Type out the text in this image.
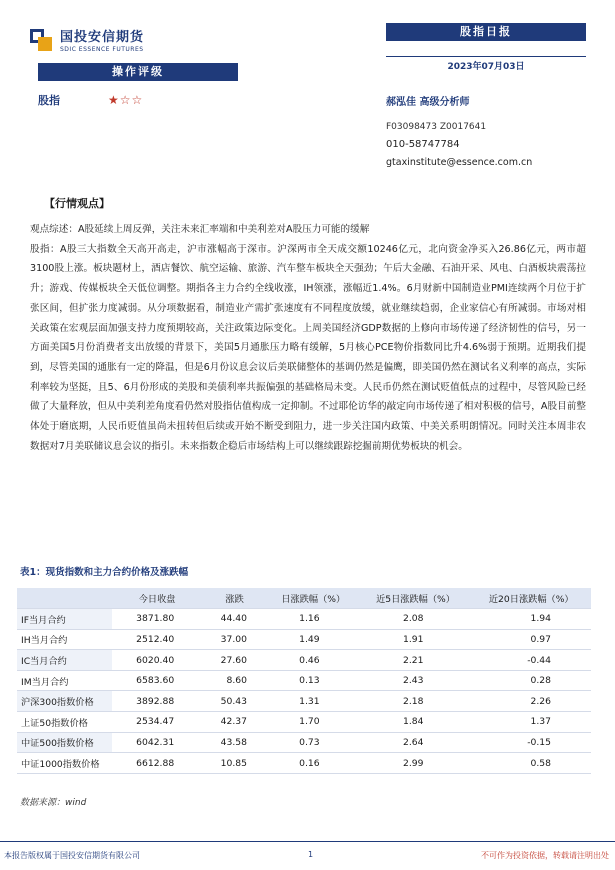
国投安信期货
SDIC ESSENCE FUTURES
股指日报
2023年07月03日
操作评级
股指	★☆☆	郝泓佳 高级分析师
F03098473 Z0017641
010-58747784
gtaxinstitute@essence.com.cn
【行情观点】

观点综述：A股延续上周反弹，关注未来汇率端和中美利差对A股压力可能的缓解

股指：A股三大指数全天高开高走，沪市涨幅高于深市。沪深两市全天成交额10246亿元，北向资金净买入26.86亿元，两市超3100股上涨。板块题材上，酒店餐饮、航空运输、旅游、汽车整车板块全天强劲；午后大金融、石油开采、风电、白酒板块震荡拉升；游戏、传媒板块全天低位调整。期指各主力合约全线收涨，IH领涨，涨幅近1.4%。6月财新中国制造业PMI连续两个月位于扩张区间，但扩张力度减弱。从分项数据看，制造业产需扩张速度有不同程度放缓，就业继续趋弱，企业家信心有所减弱。市场对相关政策在宏观层面加强支持力度预期较高，关注政策边际变化。上周美国经济GDP数据的上修向市场传递了经济韧性的信号，另一方面美国5月份消费者支出放缓的背景下，美国5月通胀压力略有缓解，5月核心PCE物价指数同比升4.6%弱于预期。近期我们提到，尽管美国的通胀有一定的降温，但是6月份议息会议后美联储整体的基调仍然是偏鹰，即美国仍然在测试名义利率的高点，实际利率较为坚挺，且5、6月份形成的美股和美债利率共振偏强的基础格局未变。人民币仍然在测试贬值低点的过程中，尽管风险已经做了大量释放，但从中美利差角度看仍然对股指估值构成一定抑制。不过耶伦访华的敲定向市场传递了相对积极的信号，A股目前整体处于磨底期，人民币贬值虽尚未扭转但后续或开始不断受到阻力，进一步关注国内政策、中美关系明朗情况。同时关注本周非农数据对7月美联储议息会议的指引。未来指数企稳后市场结构上可以继续跟踪挖掘前期优势板块的机会。

表1：现货指数和主力合约价格及涨跌幅
	今日收盘	涨跌	日涨跌幅（%）	近5日涨跌幅（%）	近20日涨跌幅（%）
IF当月合约	3871.80	44.40	1.16	2.08	1.94
IH当月合约	2512.40	37.00	1.49	1.91	0.97
IC当月合约	6020.40	27.60	0.46	2.21	-0.44
IM当月合约	6583.60	8.60	0.13	2.43	0.28
沪深300指数价格	3892.88	50.43	1.31	2.18	2.26
上证50指数价格	2534.47	42.37	1.70	1.84	1.37
中证500指数价格	6042.31	43.58	0.73	2.64	-0.15
中证1000指数价格	6612.88	10.85	0.16	2.99	0.58
数据来源：wind
本报告版权属于国投安信期货有限公司	1	不可作为投资依据，转载请注明出处
